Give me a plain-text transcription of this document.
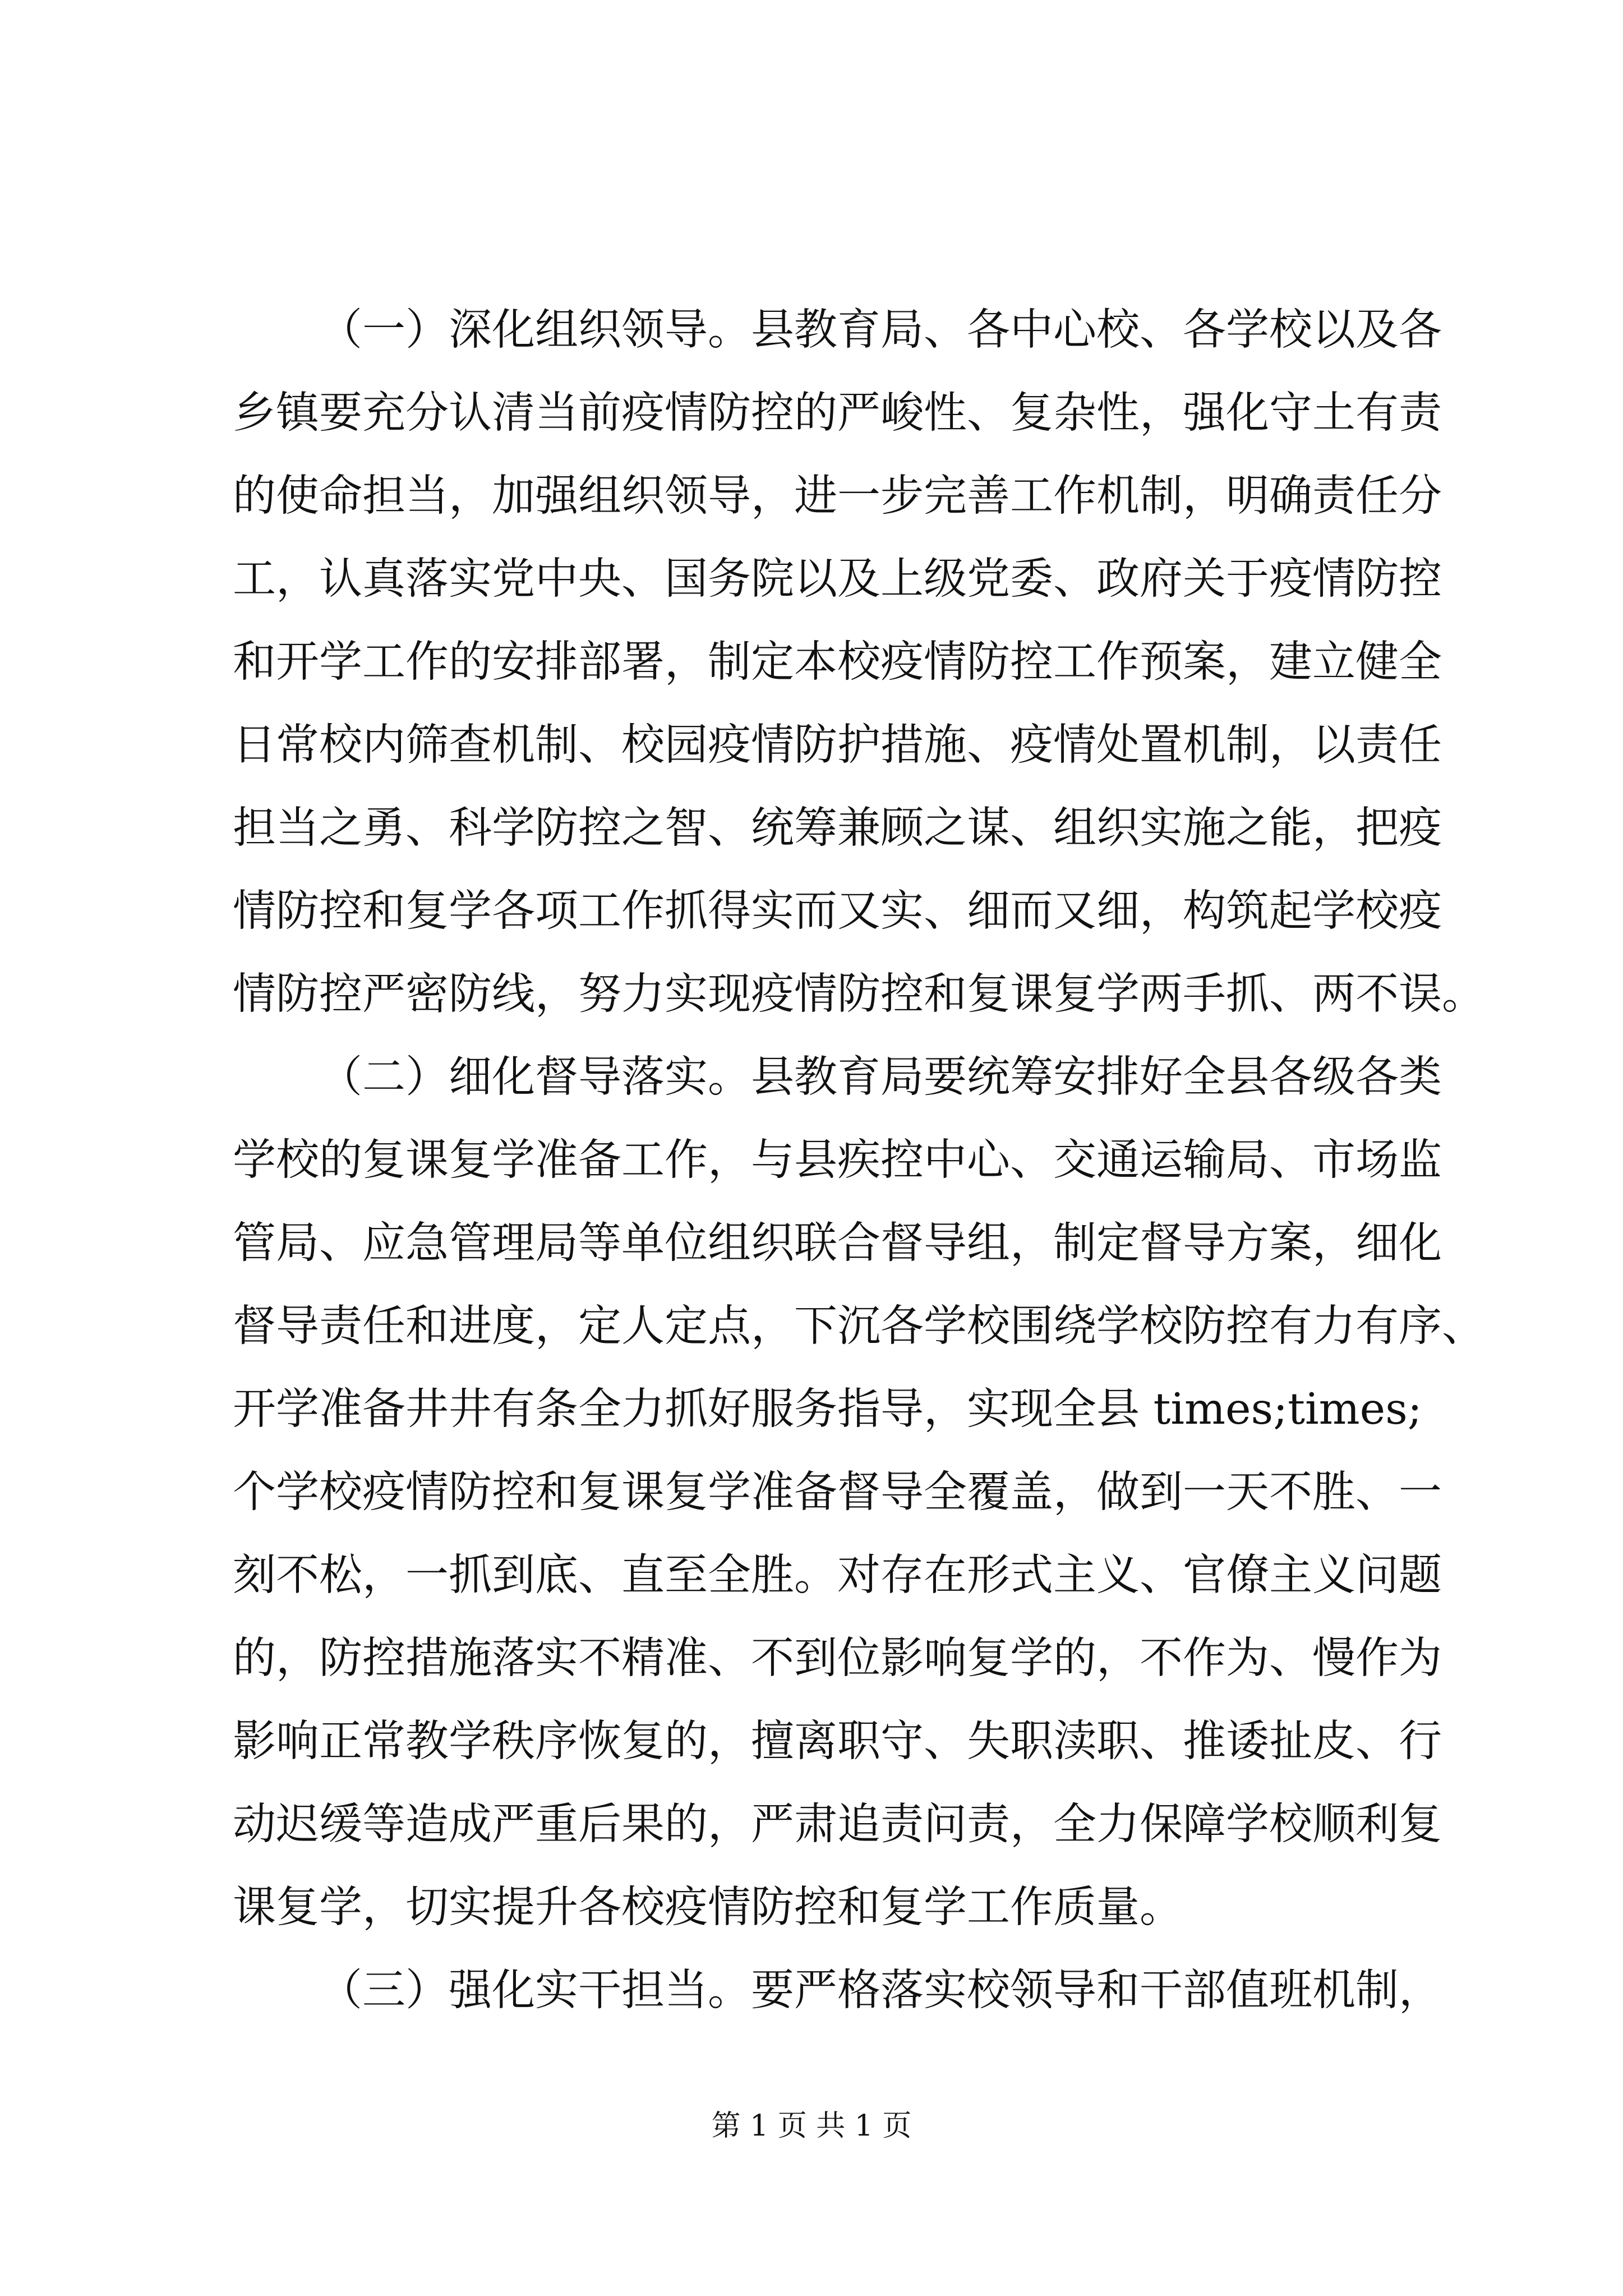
（一）深化组织领导。县教育局、各中心校、各学校以及各
乡镇要充分认清当前疫情防控的严峻性、复杂性，强化守土有责
的使命担当，加强组织领导，进一步完善工作机制，明确责任分
工，认真落实党中央、国务院以及上级党委、政府关于疫情防控
和开学工作的安排部署，制定本校疫情防控工作预案，建立健全
日常校内筛查机制、校园疫情防护措施、疫情处置机制，以责任
担当之勇、科学防控之智、统筹兼顾之谋、组织实施之能，把疫
情防控和复学各项工作抓得实而又实、细而又细，构筑起学校疫
情防控严密防线，努力实现疫情防控和复课复学两手抓、两不误。
（二）细化督导落实。县教育局要统筹安排好全县各级各类
学校的复课复学准备工作，与县疾控中心、交通运输局、市场监
管局、应急管理局等单位组织联合督导组，制定督导方案，细化
督导责任和进度，定人定点，下沉各学校围绕学校防控有力有序、
开学准备井井有条全力抓好服务指导，实现全县 times;times;
个学校疫情防控和复课复学准备督导全覆盖，做到一天不胜、一
刻不松，一抓到底、直至全胜。对存在形式主义、官僚主义问题
的，防控措施落实不精准、不到位影响复学的，不作为、慢作为
影响正常教学秩序恢复的，擅离职守、失职渎职、推诿扯皮、行
动迟缓等造成严重后果的，严肃追责问责，全力保障学校顺利复
课复学，切实提升各校疫情防控和复学工作质量。
（三）强化实干担当。要严格落实校领导和干部值班机制，
第 1 页 共 1 页
